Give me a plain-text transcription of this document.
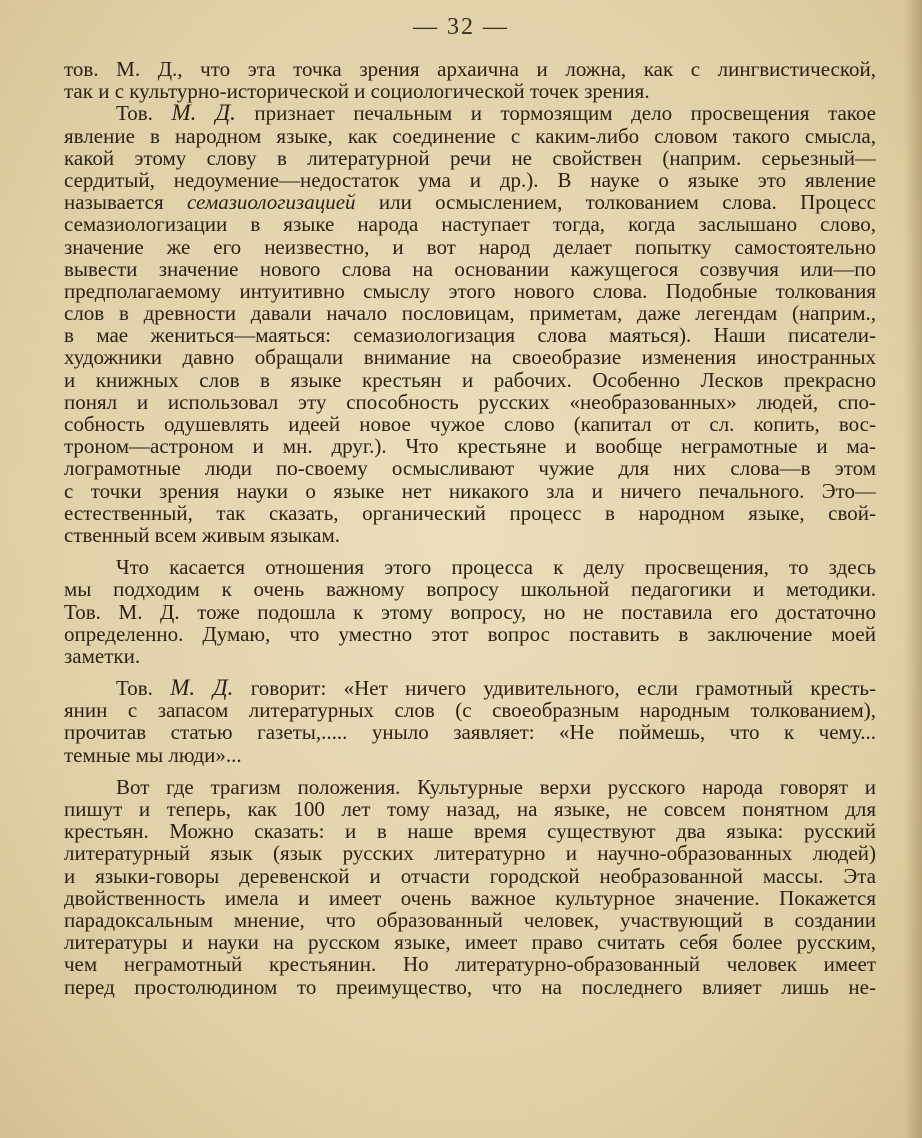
— 32 —
тов. М. Д., что эта точка зрения архаична и ложна, как с лингвистической,
так и с культурно-исторической и социологической точек зрения.
Тов. М. Д. признает печальным и тормозящим дело просвещения такое
явление в народном языке, как соединение с каким-либо словом такого смысла,
какой этому слову в литературной речи не свойствен (наприм. серьезный—
сердитый, недоумение—недостаток ума и др.). В науке о языке это явление
называется семазиологизацией или осмыслением, толкованием слова. Процесс
семазиологизации в языке народа наступает тогда, когда заслышано слово,
значение же его неизвестно, и вот народ делает попытку самостоятельно
вывести значение нового слова на основании кажущегося созвучия или—по
предполагаемому интуитивно смыслу этого нового слова. Подобные толкования
слов в древности давали начало пословицам, приметам, даже легендам (наприм.,
в мае жениться—маяться: семазиологизация слова маяться). Наши писатели-
художники давно обращали внимание на своеобразие изменения иностранных
и книжных слов в языке крестьян и рабочих. Особенно Лесков прекрасно
понял и использовал эту способность русских «необразованных» людей, спо-
собность одушевлять идеей новое чужое слово (капитал от сл. копить, вос-
троном—астроном и мн. друг.). Что крестьяне и вообще неграмотные и ма-
лограмотные люди по-своему осмысливают чужие для них слова—в этом
с точки зрения науки о языке нет никакого зла и ничего печального. Это—
естественный, так сказать, органический процесс в народном языке, свой-
ственный всем живым языкам.
Что касается отношения этого процесса к делу просвещения, то здесь
мы подходим к очень важному вопросу школьной педагогики и методики.
Тов. М. Д. тоже подошла к этому вопросу, но не поставила его достаточно
определенно. Думаю, что уместно этот вопрос поставить в заключение моей
заметки.
Тов. М. Д. говорит: «Нет ничего удивительного, если грамотный кресть-
янин с запасом литературных слов (с своеобразным народным толкованием),
прочитав статью газеты,..... уныло заявляет: «Не поймешь, что к чему...
темные мы люди»...
Вот где трагизм положения. Культурные верхи русского народа говорят и
пишут и теперь, как 100 лет тому назад, на языке, не совсем понятном для
крестьян. Можно сказать: и в наше время существуют два языка: русский
литературный язык (язык русских литературно и научно-образованных людей)
и языки-говоры деревенской и отчасти городской необразованной массы. Эта
двойственность имела и имеет очень важное культурное значение. Покажется
парадоксальным мнение, что образованный человек, участвующий в создании
литературы и науки на русском языке, имеет право считать себя более русским,
чем неграмотный крестьянин. Но литературно-образованный человек имеет
перед простолюдином то преимущество, что на последнего влияет лишь не-
